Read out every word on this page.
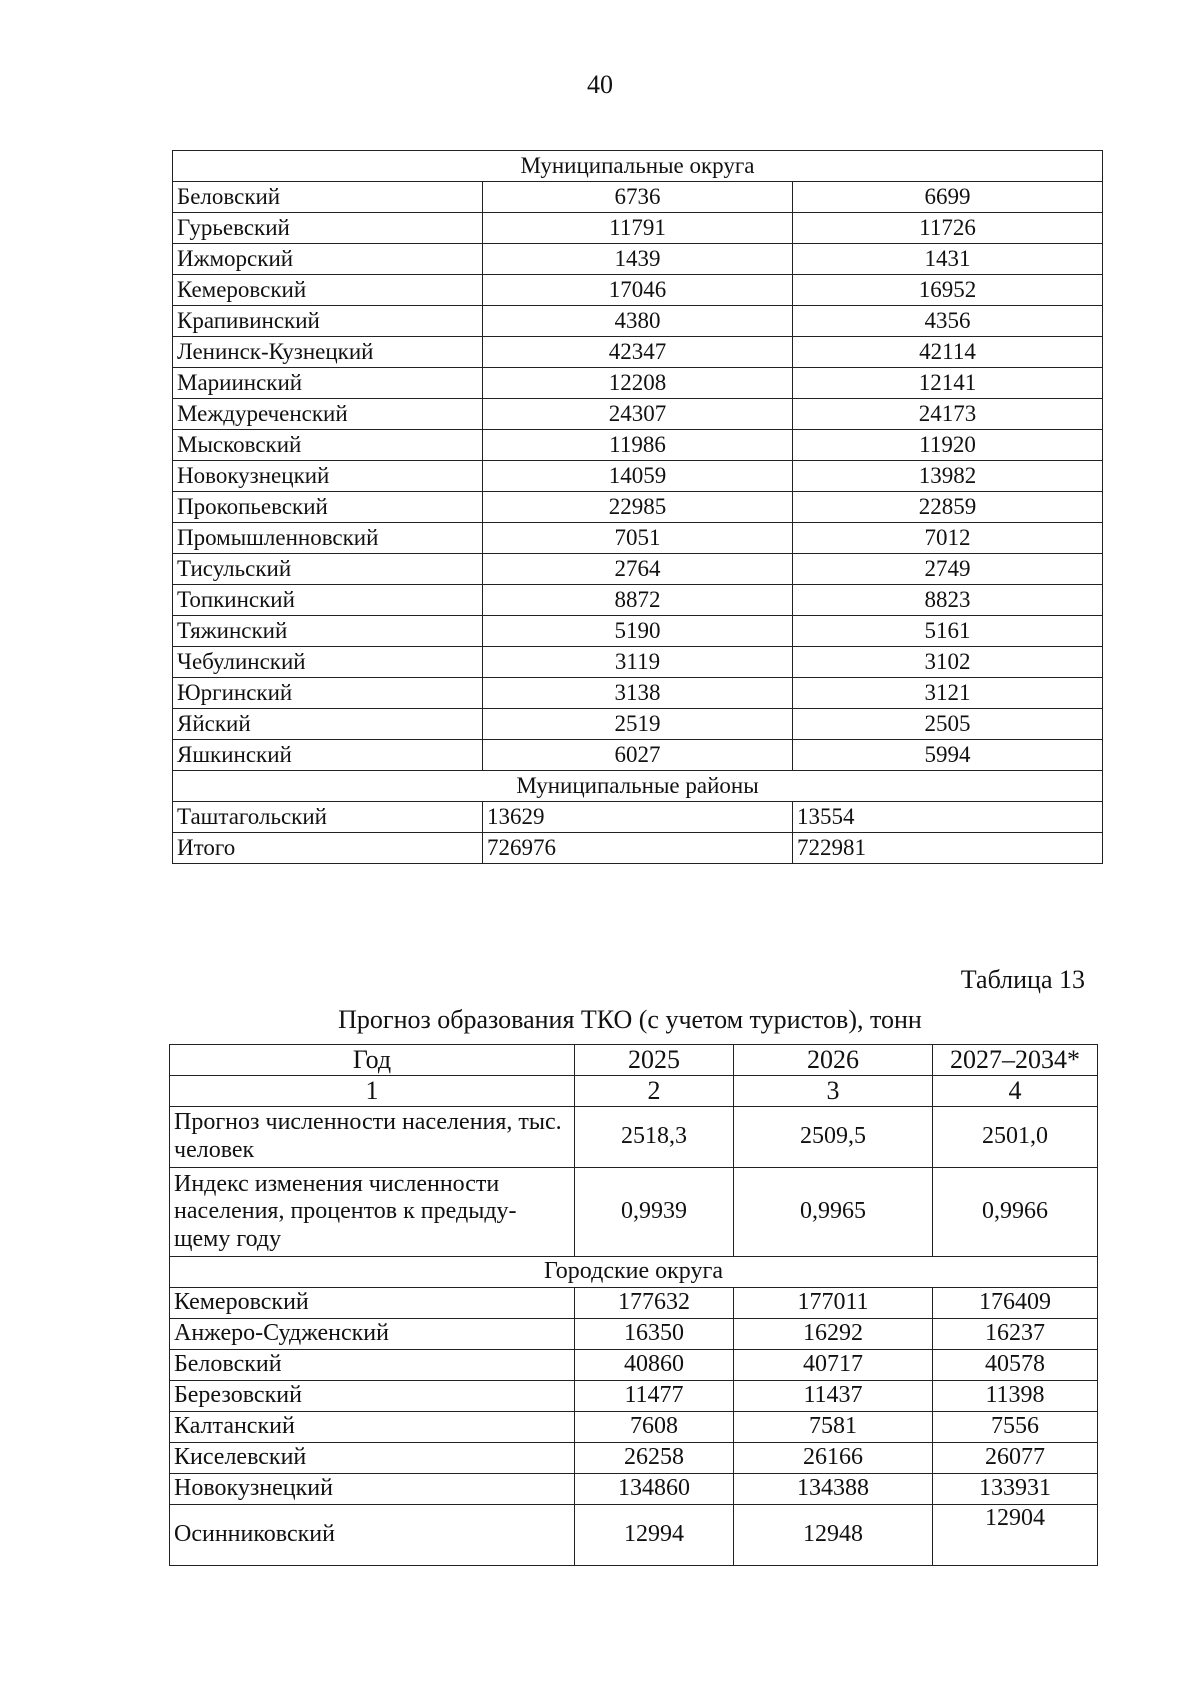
40
Муниципальные округа		
Беловский	6736	6699
Гурьевский	11791	11726
Ижморский	1439	1431
Кемеровский	17046	16952
Крапивинский	4380	4356
Ленинск-Кузнецкий	42347	42114
Мариинский	12208	12141
Междуреченский	24307	24173
Мысковский	11986	11920
Новокузнецкий	14059	13982
Прокопьевский	22985	22859
Промышленновский	7051	7012
Тисульский	2764	2749
Топкинский	8872	8823
Тяжинский	5190	5161
Чебулинский	3119	3102
Юргинский	3138	3121
Яйский	2519	2505
Яшкинский	6027	5994
Муниципальные районы		
Таштагольский	13629	13554
Итого	726976	722981
Таблица 13
Прогноз образования ТКО (с учетом туристов), тонн
Год	2025	2026	2027–2034*
1	2	3	4
Прогноз численности населения, тыс. человек	2518,3	2509,5	2501,0
Индекс изменения численности населения, процентов к предыду-щему году	0,9939	0,9965	0,9966
Городские округа			
Кемеровский	177632	177011	176409
Анжеро-Судженский	16350	16292	16237
Беловский	40860	40717	40578
Березовский	11477	11437	11398
Калтанский	7608	7581	7556
Киселевский	26258	26166	26077
Новокузнецкий	134860	134388	133931
Осинниковский	12994	12948	12904
